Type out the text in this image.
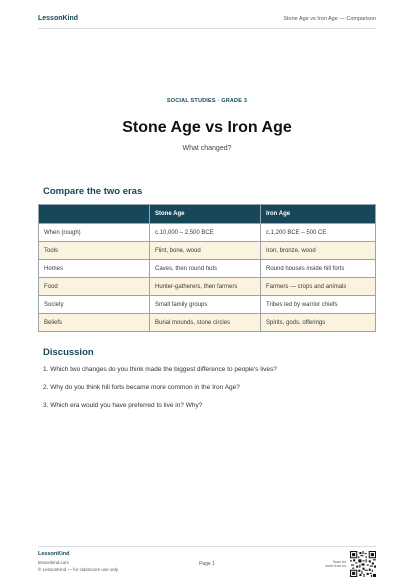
LessonKind	Stone Age vs Iron Age — Comparison
SOCIAL STUDIES · GRADE 3
Stone Age vs Iron Age
What changed?
Compare the two eras
	Stone Age	Iron Age
When (rough)	c.10,000 – 2,500 BCE	c.1,200 BCE – 500 CE
Tools	Flint, bone, wood	Iron, bronze, wood
Homes	Caves, then round huts	Round houses inside hill forts
Food	Hunter-gatherers, then farmers	Farmers — crops and animals
Society	Small family groups	Tribes led by warrior chiefs
Beliefs	Burial mounds, stone circles	Spirits, gods, offerings
Discussion
1. Which two changes do you think made the biggest difference to people's lives?
2. Why do you think hill forts became more common in the Iron Age?
3. Which era would you have preferred to live in? Why?
LessonKind
lessonkind.com
© LessonKind — for classroom use only
Page 1	Scan for
more from us
